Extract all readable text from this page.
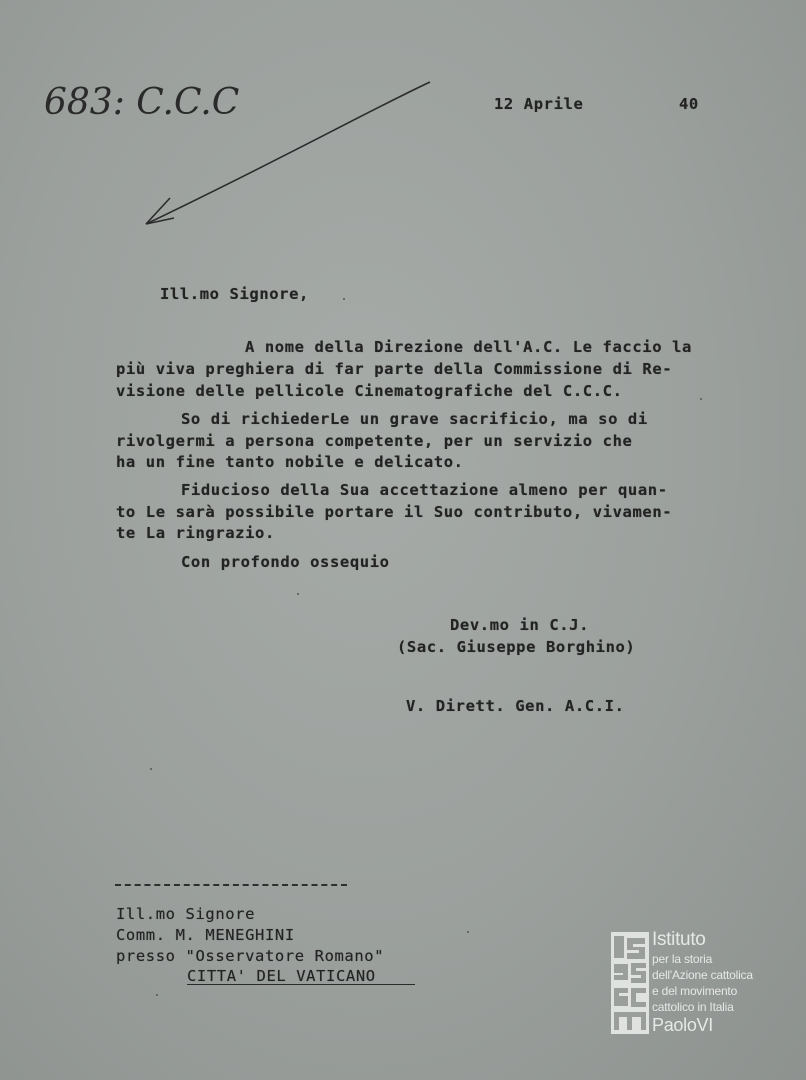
683: C.C.C	12 Aprile	40
Ill.mo Signore,
A nome della Direzione dell'A.C. Le faccio la
più viva preghiera di far parte della Commissione di Re-
visione delle pellicole Cinematografiche del C.C.C.
So di richiederLe un grave sacrificio, ma so di
rivolgermi a persona competente, per un servizio che
ha un fine tanto nobile e delicato.
Fiducioso della Sua accettazione almeno per quan-
to Le sarà possibile portare il Suo contributo, vivamen-
te La ringrazio.
Con profondo ossequio
Dev.mo in C.J.
(Sac. Giuseppe Borghino)
V. Dirett. Gen. A.C.I.
Ill.mo Signore
Comm. M. MENEGHINI
presso "Osservatore Romano"
CITTA' DEL VATICANO
Istituto
per la storia
dell'Azione cattolica
e del movimento
cattolico in Italia
PaoloVI
